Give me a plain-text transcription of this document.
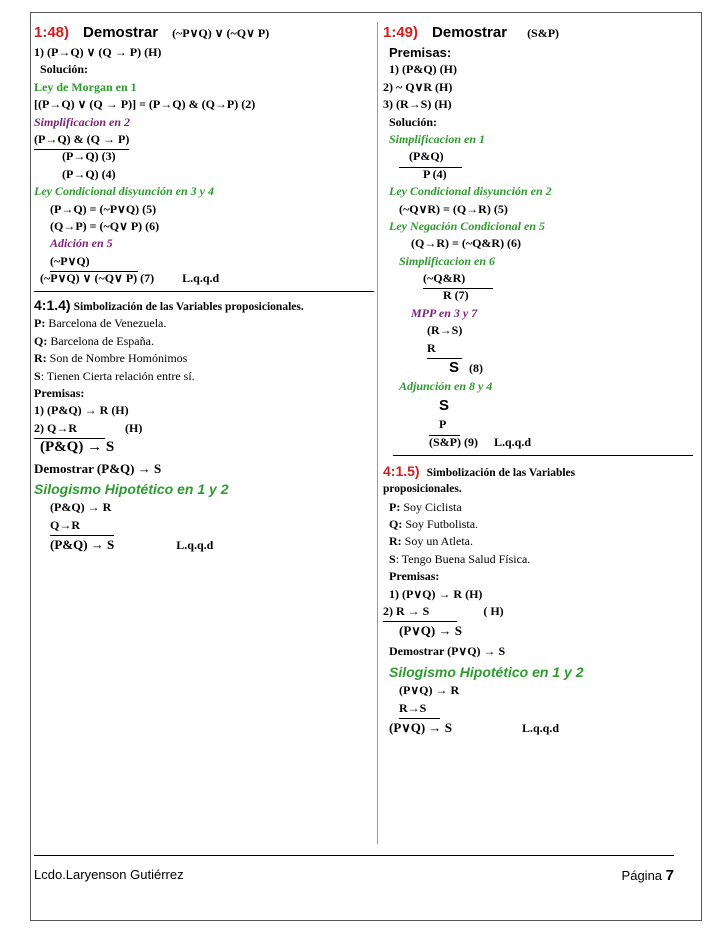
1:48) Demostrar (~P∨Q) ∨ (~Q∨ P)
1) (P→Q) ∨ (Q → P) (H)
Solución:
Ley de Morgan en 1
[(P→Q) ∨ (Q → P)] = (P→Q) & (Q→P) (2)
Simplificacion en 2
(P→Q) & (Q → P)
(P→Q) (3)
(P→Q) (4)
Ley Condicional disyunción en 3 y 4
(P→Q) = (~P∨Q) (5)
(Q→P) = (~Q∨ P) (6)
Adición en 5
(~P∨Q)
(~P∨Q) ∨ (~Q∨ P) (7) L.q.q.d
4:1.4) Simbolización de las Variables proposicionales.
P: Barcelona de Venezuela.
Q: Barcelona de España.
R: Son de Nombre Homónimos
S: Tienen Cierta relación entre sí.
Premisas:
1) (P&Q) → R (H)
2) Q→R	(H)
(P&Q) → S
Demostrar (P&Q) → S
Silogismo Hipotético en 1 y 2
(P&Q) → R
Q→R
(P&Q) → S	L.q.q.d
1:49) Demostrar (S&P)
Premisas:
1) (P&Q) (H)
2) ~ Q∨R (H)
3) (R→S) (H)
Solución:
Simplificacion en 1
(P&Q)
P (4)
Ley Condicional disyunción en 2
(~Q∨R) = (Q→R) (5)
Ley Negación Condicional en 5
(Q→R) = (~Q&R) (6)
Simplificacion en 6
(~Q&R)
R (7)
MPP en 3 y 7
(R→S)
R
S (8)
Adjunción en 8 y 4
S
P
(S&P) (9) L.q.q.d
4:1.5) Simbolización de las Variables
proposicionales.
P: Soy Ciclista
Q: Soy Futbolista.
R: Soy un Atleta.
S: Tengo Buena Salud Física.
Premisas:
1) (P∨Q) → R (H)
2) R → S	( H)
(P∨Q) → S
Demostrar (P∨Q) → S
Silogismo Hipotético en 1 y 2
(P∨Q) → R
R→S
(P∨Q) → S	L.q.q.d
Lcdo.Laryenson Gutiérrez	Página 7
